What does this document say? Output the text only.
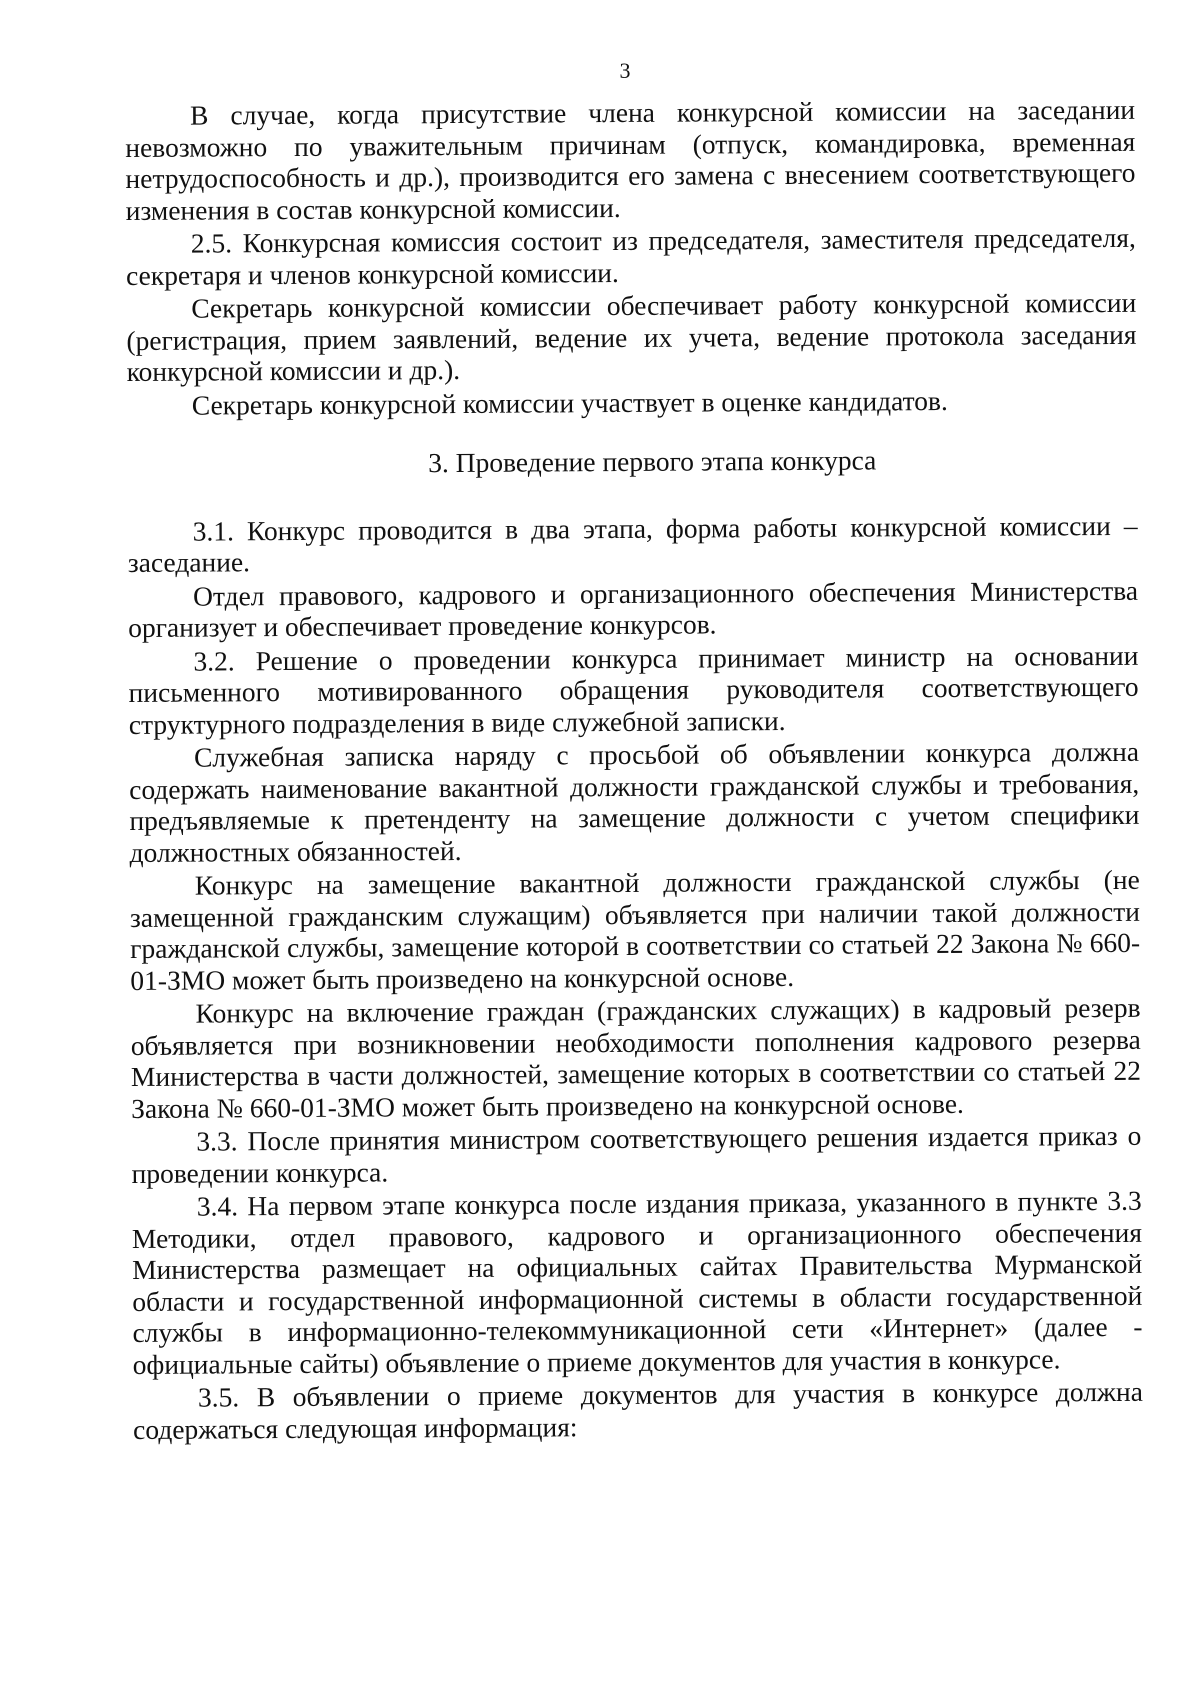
3

В случае, когда присутствие члена конкурсной комиссии на заседании невозможно по уважительным причинам (отпуск, командировка, временная нетрудоспособность и др.), производится его замена с внесением соответствующего изменения в состав конкурсной комиссии.

2.5. Конкурсная комиссия состоит из председателя, заместителя председателя, секретаря и членов конкурсной комиссии.

Секретарь конкурсной комиссии обеспечивает работу конкурсной комиссии (регистрация, прием заявлений, ведение их учета, ведение протокола заседания конкурсной комиссии и др.).

Секретарь конкурсной комиссии участвует в оценке кандидатов.

3. Проведение первого этапа конкурса

3.1. Конкурс проводится в два этапа, форма работы конкурсной комиссии – заседание.

Отдел правового, кадрового и организационного обеспечения Министерства организует и обеспечивает проведение конкурсов.

3.2. Решение о проведении конкурса принимает министр на основании письменного мотивированного обращения руководителя соответствующего структурного подразделения в виде служебной записки.

Служебная записка наряду с просьбой об объявлении конкурса должна содержать наименование вакантной должности гражданской службы и требования, предъявляемые к претенденту на замещение должности с учетом специфики должностных обязанностей.

Конкурс на замещение вакантной должности гражданской службы (не замещенной гражданским служащим) объявляется при наличии такой должности гражданской службы, замещение которой в соответствии со статьей 22 Закона № 660-01-ЗМО может быть произведено на конкурсной основе.

Конкурс на включение граждан (гражданских служащих) в кадровый резерв объявляется при возникновении необходимости пополнения кадрового резерва Министерства в части должностей, замещение которых в соответствии со статьей 22 Закона № 660-01-ЗМО может быть произведено на конкурсной основе.

3.3. После принятия министром соответствующего решения издается приказ о проведении конкурса.

3.4. На первом этапе конкурса после издания приказа, указанного в пункте 3.3 Методики, отдел правового, кадрового и организационного обеспечения Министерства размещает на официальных сайтах Правительства Мурманской области и государственной информационной системы в области государственной службы в информационно-телекоммуникационной сети «Интернет» (далее - официальные сайты) объявление о приеме документов для участия в конкурсе.

3.5. В объявлении о приеме документов для участия в конкурсе должна содержаться следующая информация:
